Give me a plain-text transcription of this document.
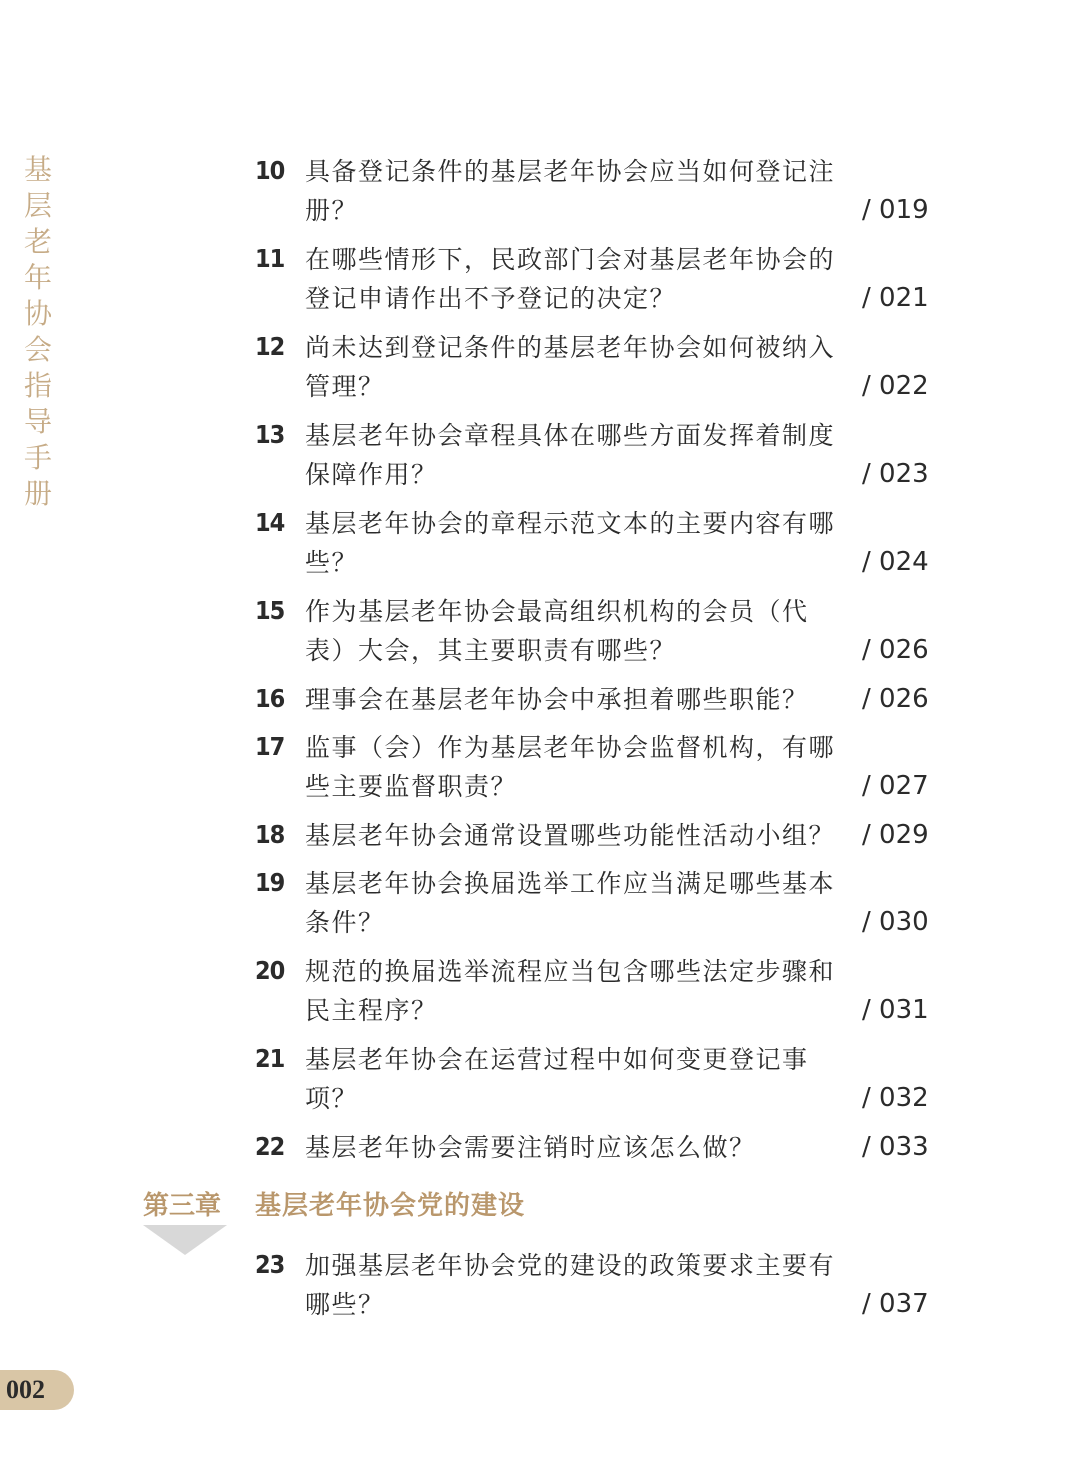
基
层
老
年
协
会
指
导
手
册
10 具备登记条件的基层老年协会应当如何登记注册？	/ 019
11 在哪些情形下，民政部门会对基层老年协会的登记申请作出不予登记的决定？	/ 021
12 尚未达到登记条件的基层老年协会如何被纳入管理？	/ 022
13 基层老年协会章程具体在哪些方面发挥着制度保障作用？	/ 023
14 基层老年协会的章程示范文本的主要内容有哪些？	/ 024
15 作为基层老年协会最高组织机构的会员（代表）大会，其主要职责有哪些？	/ 026
16 理事会在基层老年协会中承担着哪些职能？	/ 026
17 监事（会）作为基层老年协会监督机构，有哪些主要监督职责？	/ 027
18 基层老年协会通常设置哪些功能性活动小组？	/ 029
19 基层老年协会换届选举工作应当满足哪些基本条件？	/ 030
20 规范的换届选举流程应当包含哪些法定步骤和民主程序？	/ 031
21 基层老年协会在运营过程中如何变更登记事项？	/ 032
22 基层老年协会需要注销时应该怎么做？	/ 033
第三章 基层老年协会党的建设
23 加强基层老年协会党的建设的政策要求主要有哪些？	/ 037
002
